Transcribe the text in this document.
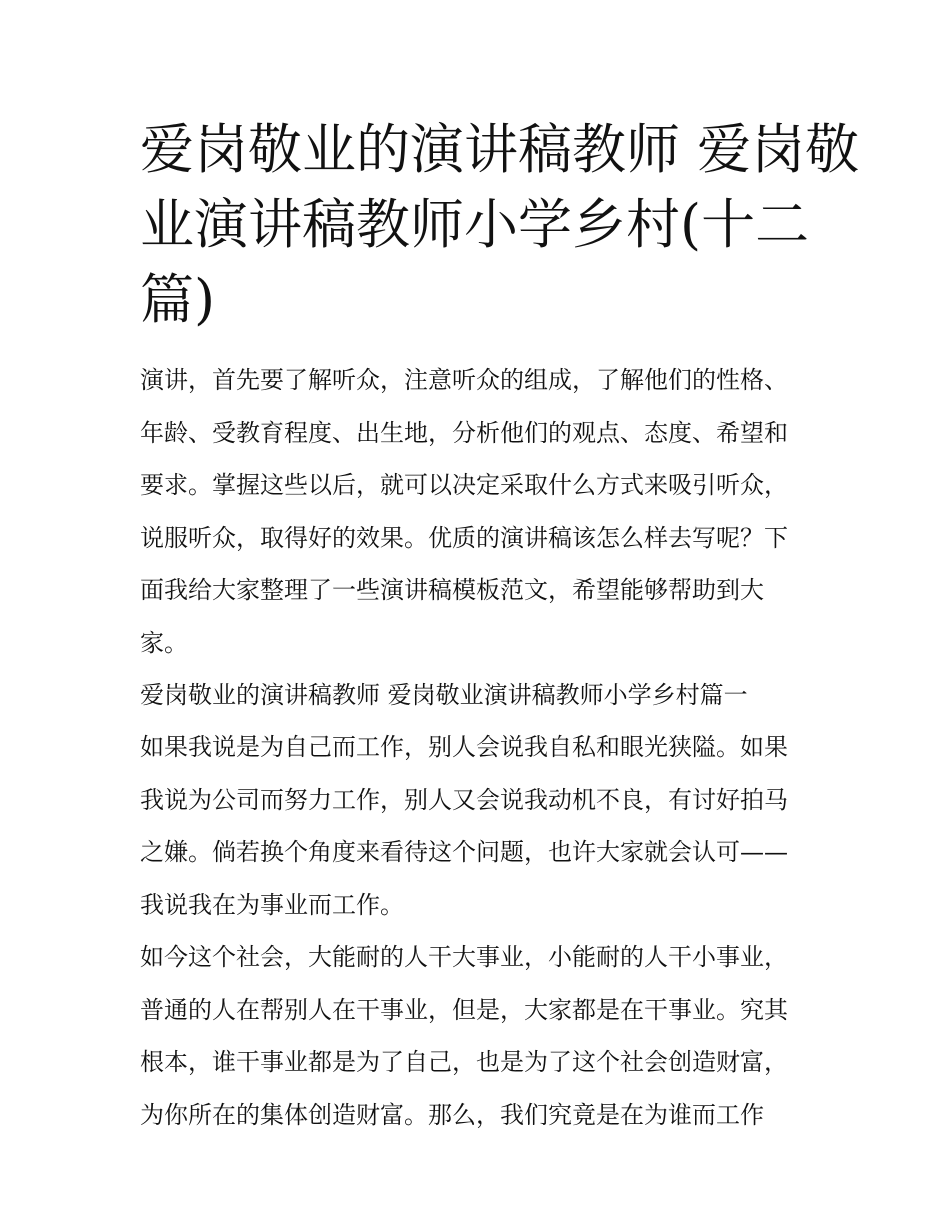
爱岗敬业的演讲稿教师 爱岗敬
业演讲稿教师小学乡村(十二
篇)
演讲，首先要了解听众，注意听众的组成，了解他们的性格、
年龄、受教育程度、出生地，分析他们的观点、态度、希望和
要求。掌握这些以后，就可以决定采取什么方式来吸引听众，
说服听众，取得好的效果。优质的演讲稿该怎么样去写呢？下
面我给大家整理了一些演讲稿模板范文，希望能够帮助到大
家。
爱岗敬业的演讲稿教师 爱岗敬业演讲稿教师小学乡村篇一
如果我说是为自己而工作，别人会说我自私和眼光狭隘。如果
我说为公司而努力工作，别人又会说我动机不良，有讨好拍马
之嫌。倘若换个角度来看待这个问题，也许大家就会认可——
我说我在为事业而工作。
如今这个社会，大能耐的人干大事业，小能耐的人干小事业，
普通的人在帮别人在干事业，但是，大家都是在干事业。究其
根本，谁干事业都是为了自己，也是为了这个社会创造财富，
为你所在的集体创造财富。那么，我们究竟是在为谁而工作
